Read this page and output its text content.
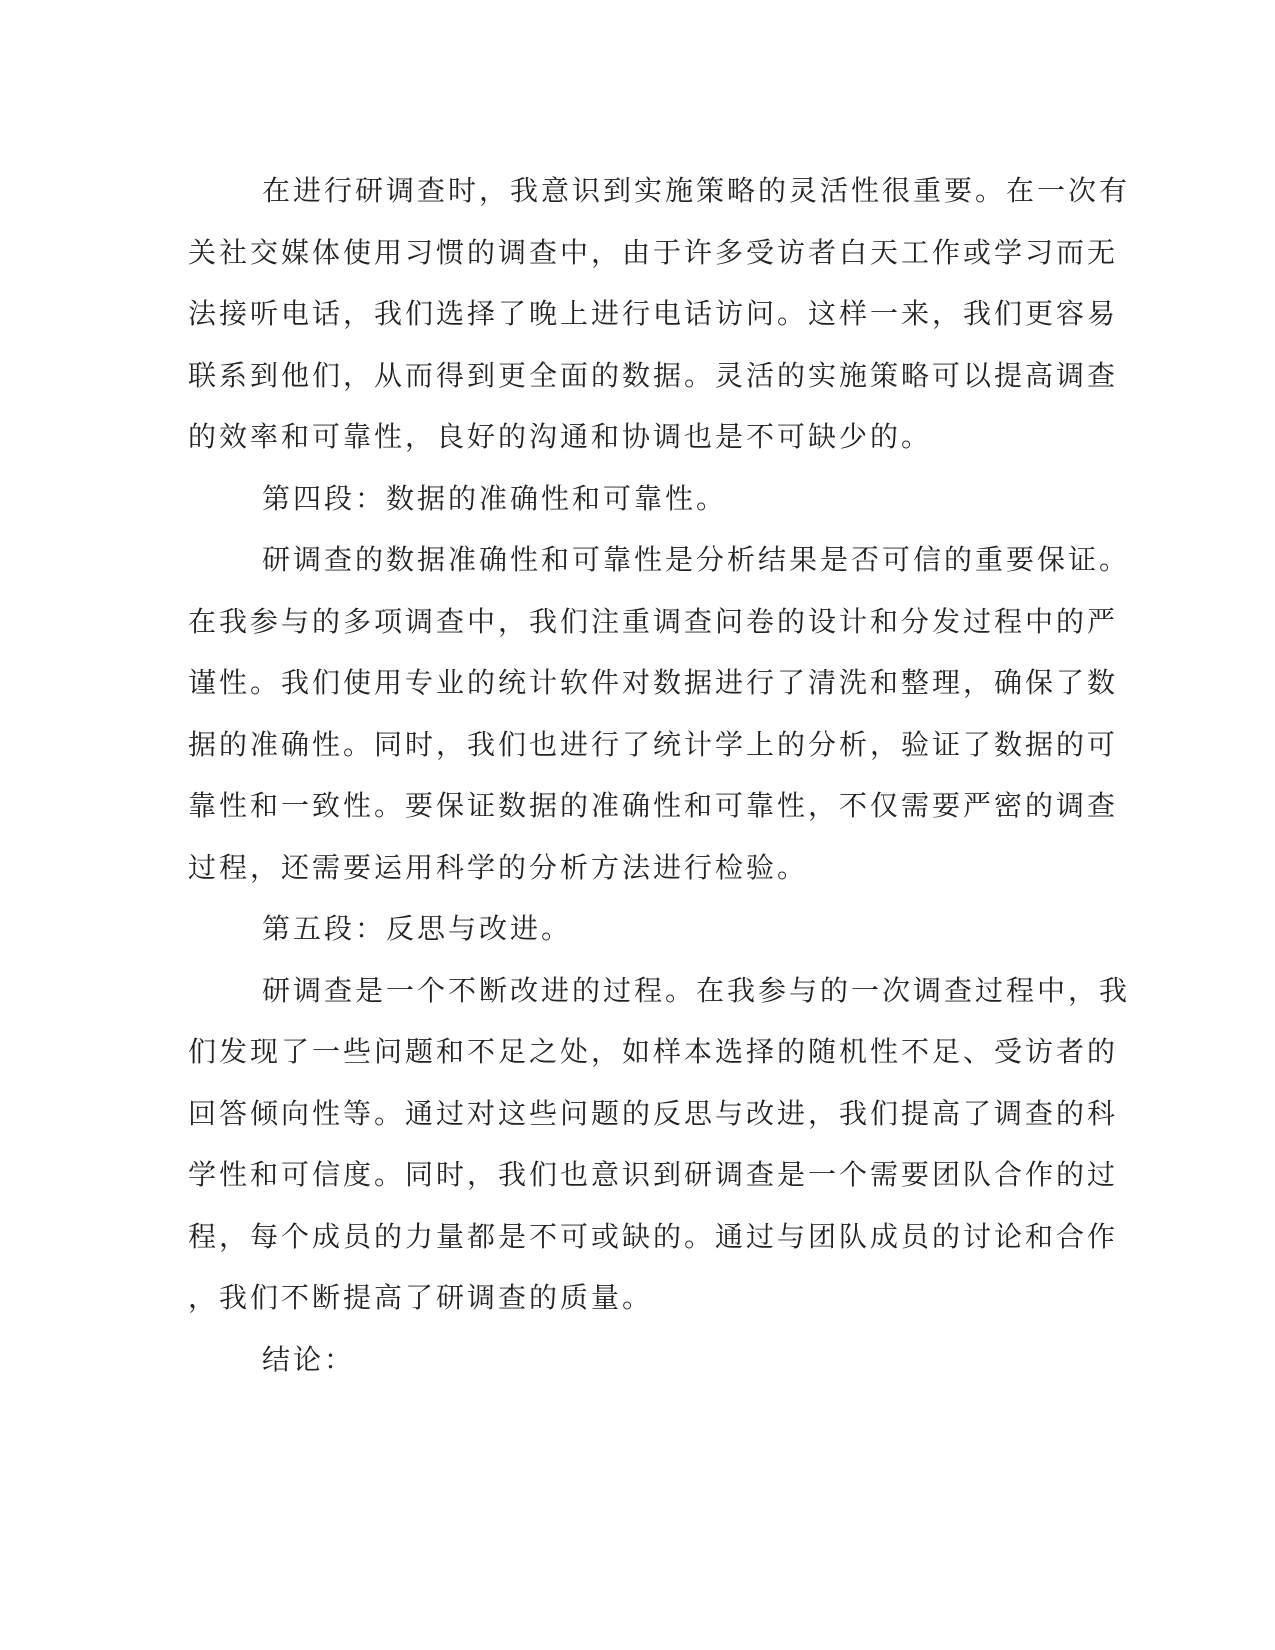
在进行研调查时，我意识到实施策略的灵活性很重要。在一次有
关社交媒体使用习惯的调查中，由于许多受访者白天工作或学习而无
法接听电话，我们选择了晚上进行电话访问。这样一来，我们更容易
联系到他们，从而得到更全面的数据。灵活的实施策略可以提高调查
的效率和可靠性，良好的沟通和协调也是不可缺少的。
第四段：数据的准确性和可靠性。
研调查的数据准确性和可靠性是分析结果是否可信的重要保证。
在我参与的多项调查中，我们注重调查问卷的设计和分发过程中的严
谨性。我们使用专业的统计软件对数据进行了清洗和整理，确保了数
据的准确性。同时，我们也进行了统计学上的分析，验证了数据的可
靠性和一致性。要保证数据的准确性和可靠性，不仅需要严密的调查
过程，还需要运用科学的分析方法进行检验。
第五段：反思与改进。
研调查是一个不断改进的过程。在我参与的一次调查过程中，我
们发现了一些问题和不足之处，如样本选择的随机性不足、受访者的
回答倾向性等。通过对这些问题的反思与改进，我们提高了调查的科
学性和可信度。同时，我们也意识到研调查是一个需要团队合作的过
程，每个成员的力量都是不可或缺的。通过与团队成员的讨论和合作
，我们不断提高了研调查的质量。
结论：
